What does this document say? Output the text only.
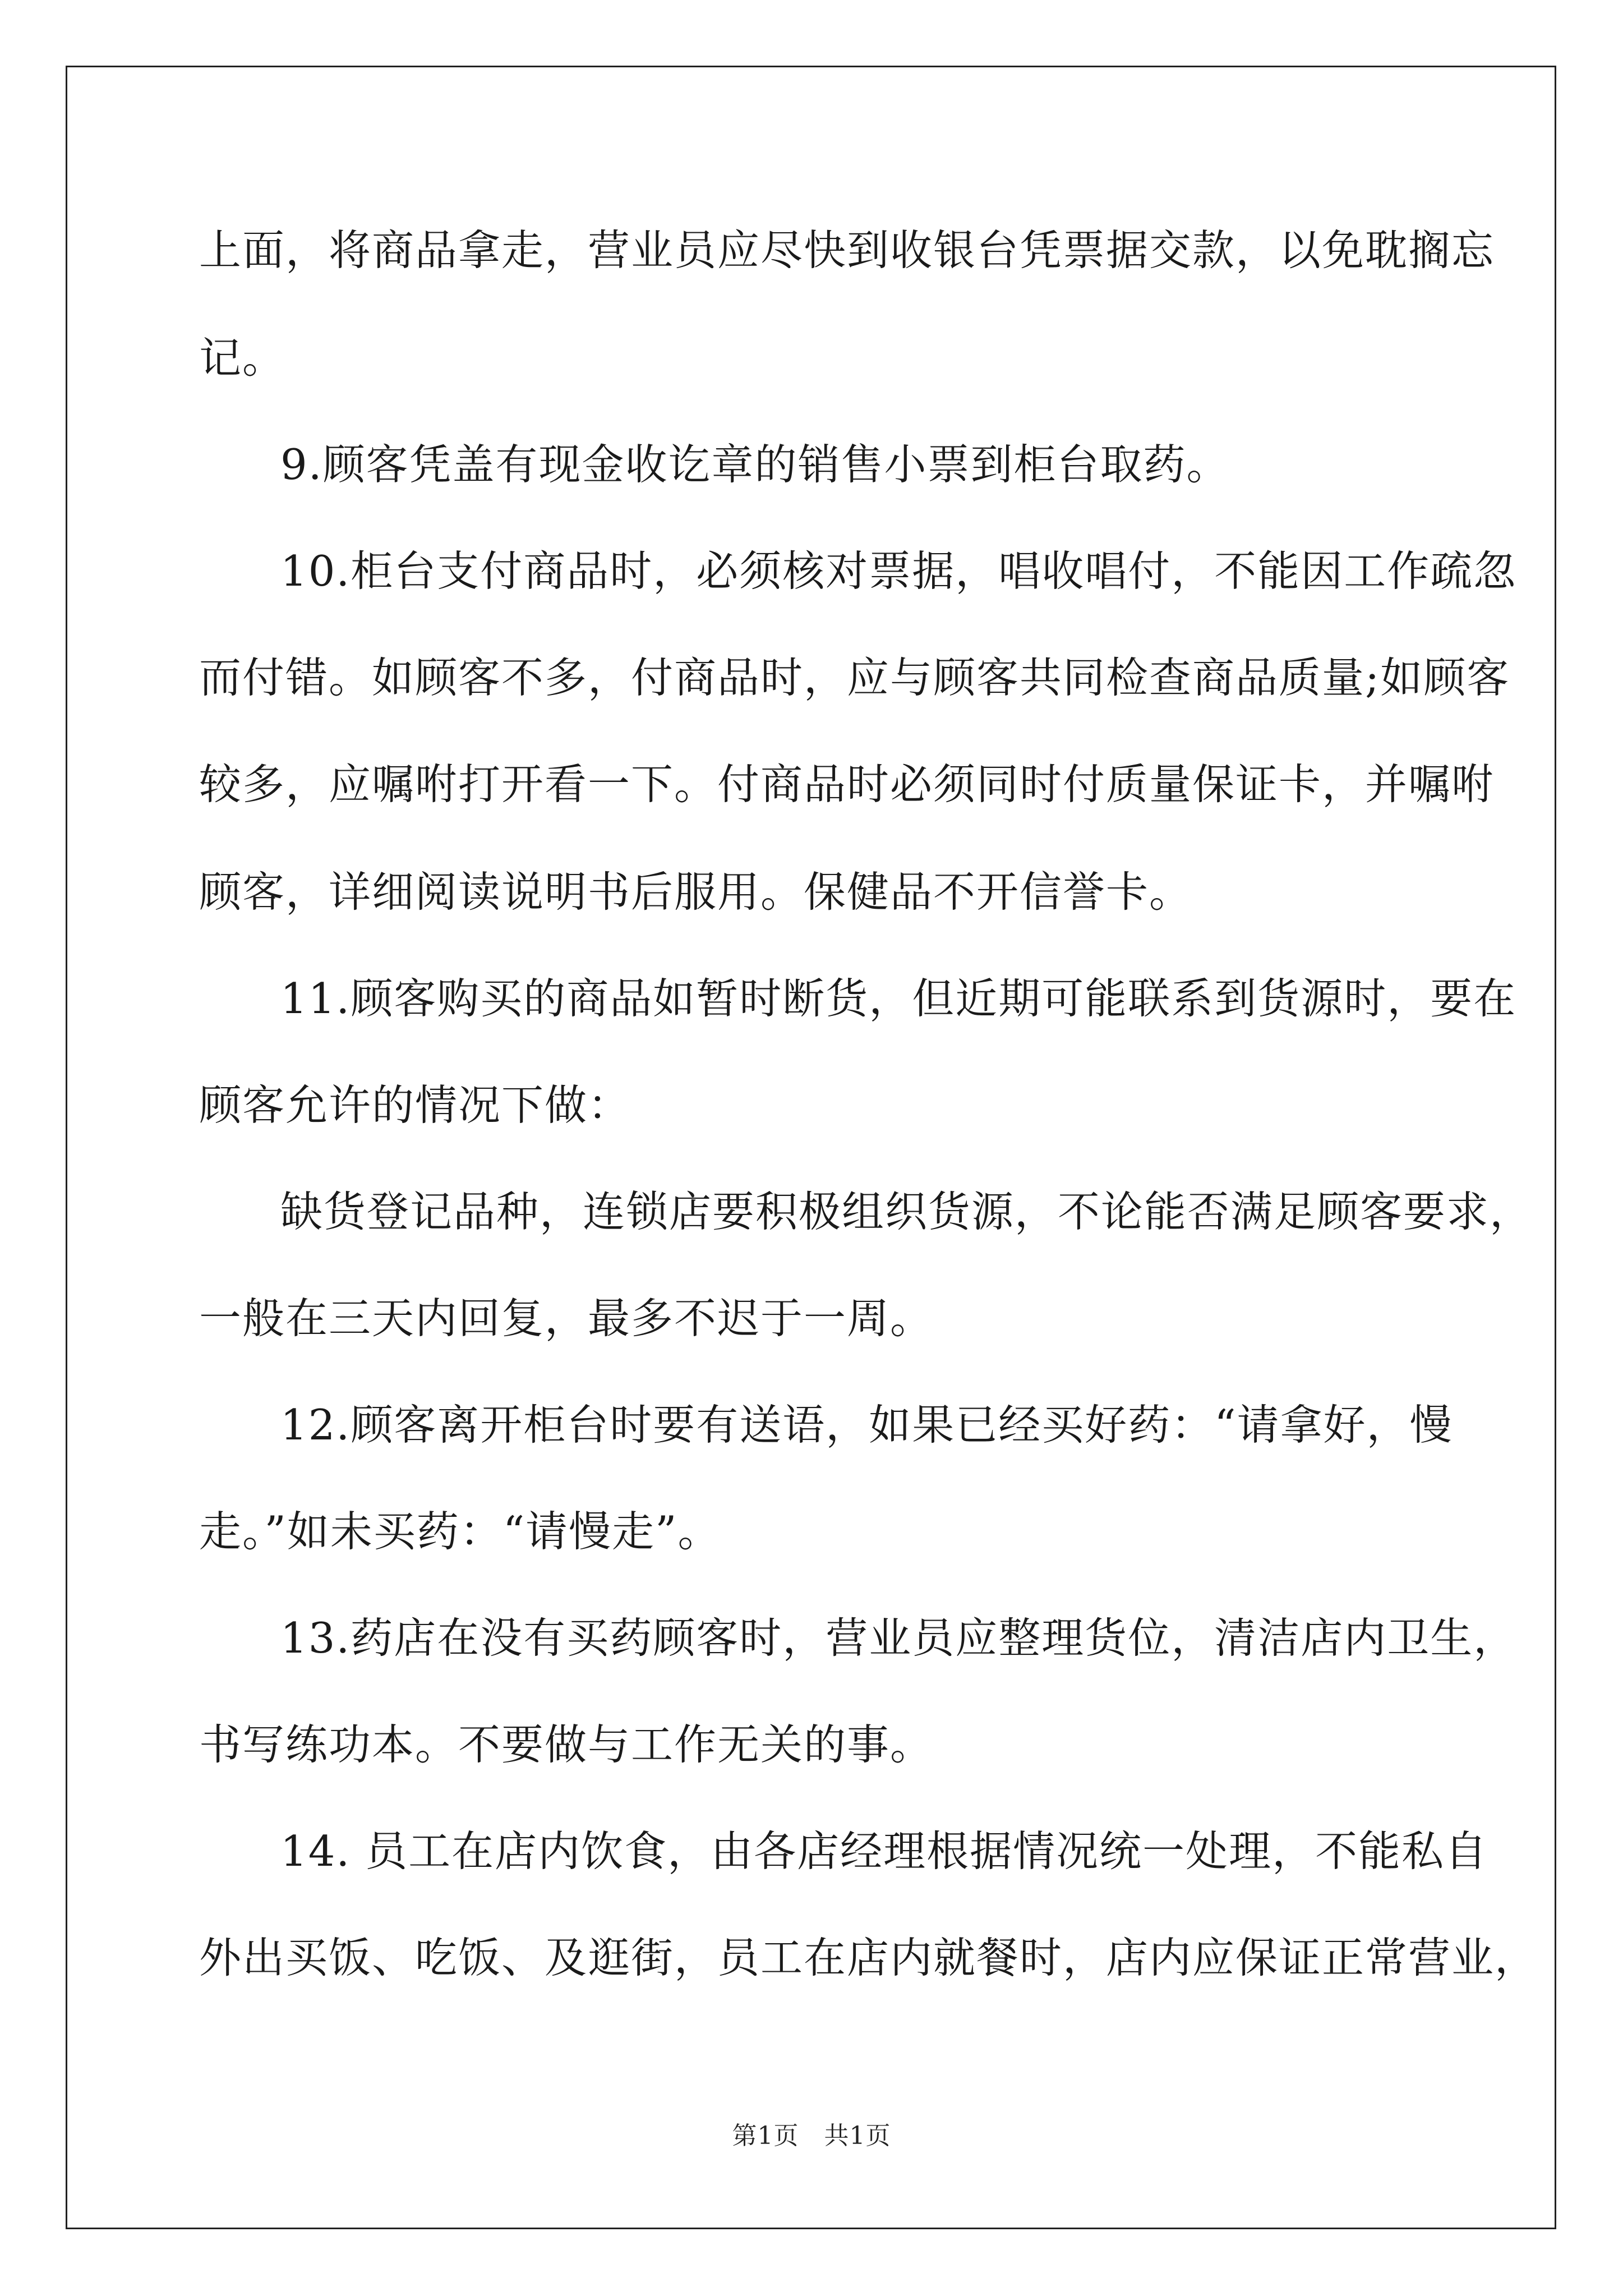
上面，将商品拿走，营业员应尽快到收银台凭票据交款，以免耽搁忘
记。
9.顾客凭盖有现金收讫章的销售小票到柜台取药。
10.柜台支付商品时，必须核对票据，唱收唱付，不能因工作疏忽
而付错。如顾客不多，付商品时，应与顾客共同检查商品质量;如顾客
较多，应嘱咐打开看一下。付商品时必须同时付质量保证卡，并嘱咐
顾客，详细阅读说明书后服用。保健品不开信誉卡。
11.顾客购买的商品如暂时断货，但近期可能联系到货源时，要在
顾客允许的情况下做：
缺货登记品种，连锁店要积极组织货源，不论能否满足顾客要求，
一般在三天内回复，最多不迟于一周。
12.顾客离开柜台时要有送语，如果已经买好药：“请拿好，慢
走。”如未买药：“请慢走”。
13.药店在没有买药顾客时，营业员应整理货位，清洁店内卫生，
书写练功本。不要做与工作无关的事。
14. 员工在店内饮食，由各店经理根据情况统一处理，不能私自
外出买饭、吃饭、及逛街，员工在店内就餐时，店内应保证正常营业，
第1页　共1页
